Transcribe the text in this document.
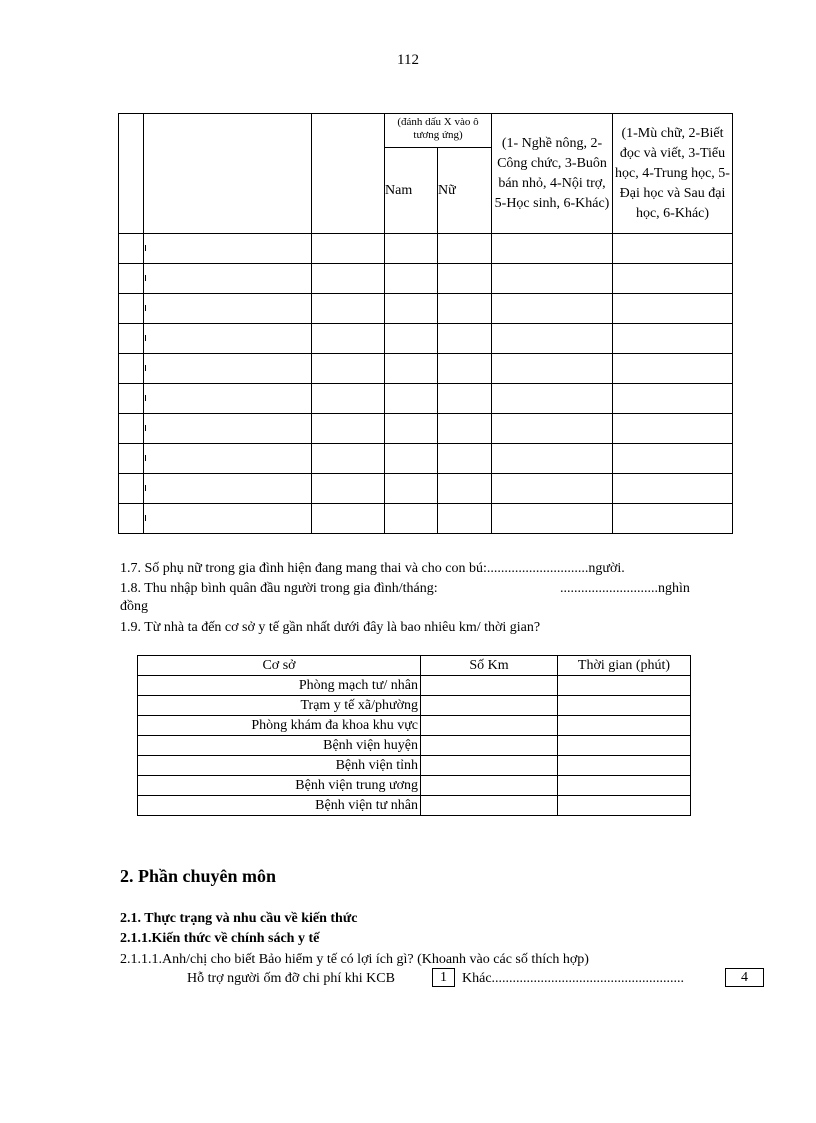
112
			(đánh dấu X vào ô tương ứng)		(1- Nghề nông, 2-Công chức, 3-Buôn bán nhỏ, 4-Nội trợ, 5-Học sinh, 6-Khác)	(1-Mù chữ, 2-Biết đọc và viết, 3-Tiểu học, 4-Trung học, 5-Đại học và Sau đại học, 6-Khác)
			Nam	Nữ		

1.7. Số phụ nữ trong gia đình hiện đang mang thai và cho con bú:.............................người.
1.8. Thu nhập bình quân đầu người trong gia đình/tháng:	............................nghìn
đồng
1.9. Từ nhà ta đến cơ sở y tế gần nhất dưới đây là bao nhiêu km/ thời gian?
Cơ sở	Số Km	Thời gian (phút)
Phòng mạch tư/ nhân		
Trạm y tế xã/phường		
Phòng khám đa khoa khu vực		
Bệnh viện huyện		
Bệnh viện tỉnh		
Bệnh viện trung ương		
Bệnh viện tư nhân		
2. Phần chuyên môn
2.1. Thực trạng và nhu cầu về kiến thức
2.1.1.Kiến thức về chính sách y tế
2.1.1.1.Anh/chị cho biết Bảo hiểm y tế có lợi ích gì? (Khoanh vào các số thích hợp)
Hỗ trợ người ốm đỡ chi phí khi KCB	1	Khác.......................................................	4
